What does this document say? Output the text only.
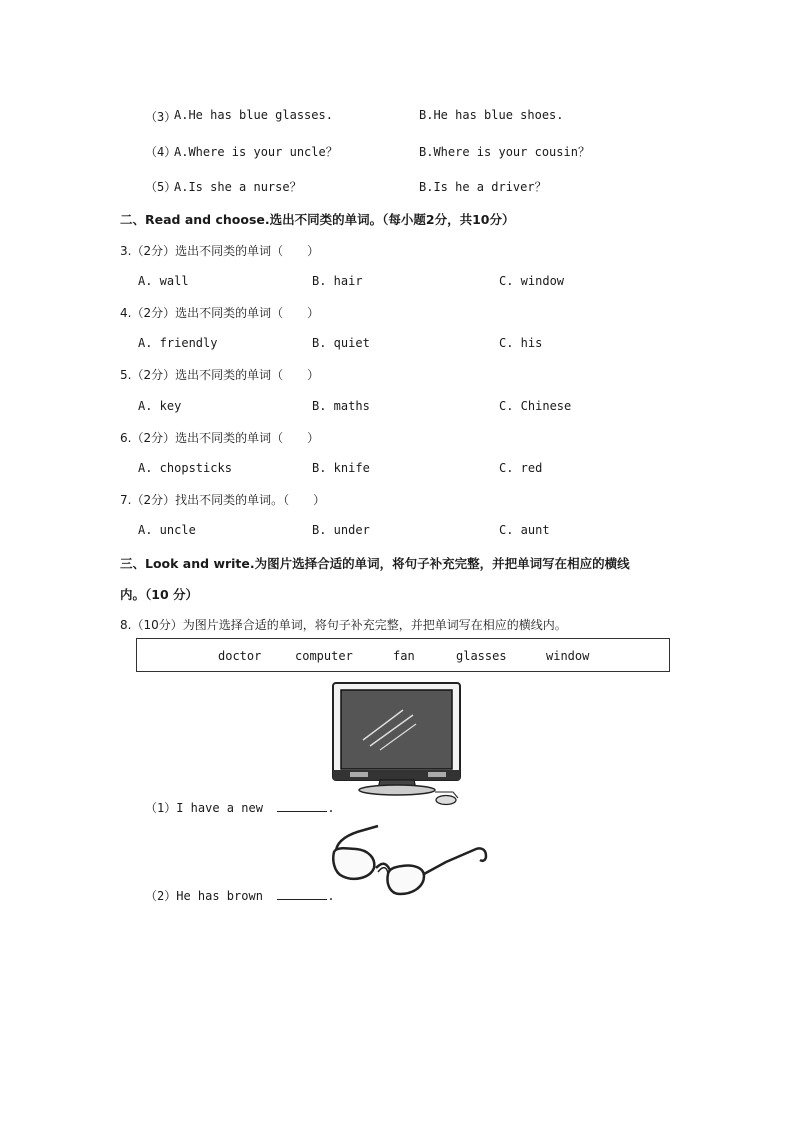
（3）
A.He has blue glasses.	B.He has blue shoes.
（4）
A.Where is your uncle？	B.Where is your cousin？
（5）
A.Is she a nurse？	B.Is he a driver？
二、Read and choose.选出不同类的单词。（每小题2分，共10分）
3.（2分）选出不同类的单词（　　）
A. wall	B. hair	C. window
4.（2分）选出不同类的单词（　　）
A. friendly	B. quiet	C. his
5.（2分）选出不同类的单词（　　）
A. key	B. maths	C. Chinese
6.（2分）选出不同类的单词（　　）
A. chopsticks	B. knife	C. red
7.（2分）找出不同类的单词。（　　）
A. uncle	B. under	C. aunt
三、Look and write.为图片选择合适的单词，将句子补充完整，并把单词写在相应的横线
内。（10 分）
8.（10分）为图片选择合适的单词，将句子补充完整，并把单词写在相应的横线内。
doctor	computer	fan	glasses	window
（1）I have a new	.
（2）He has brown	.
